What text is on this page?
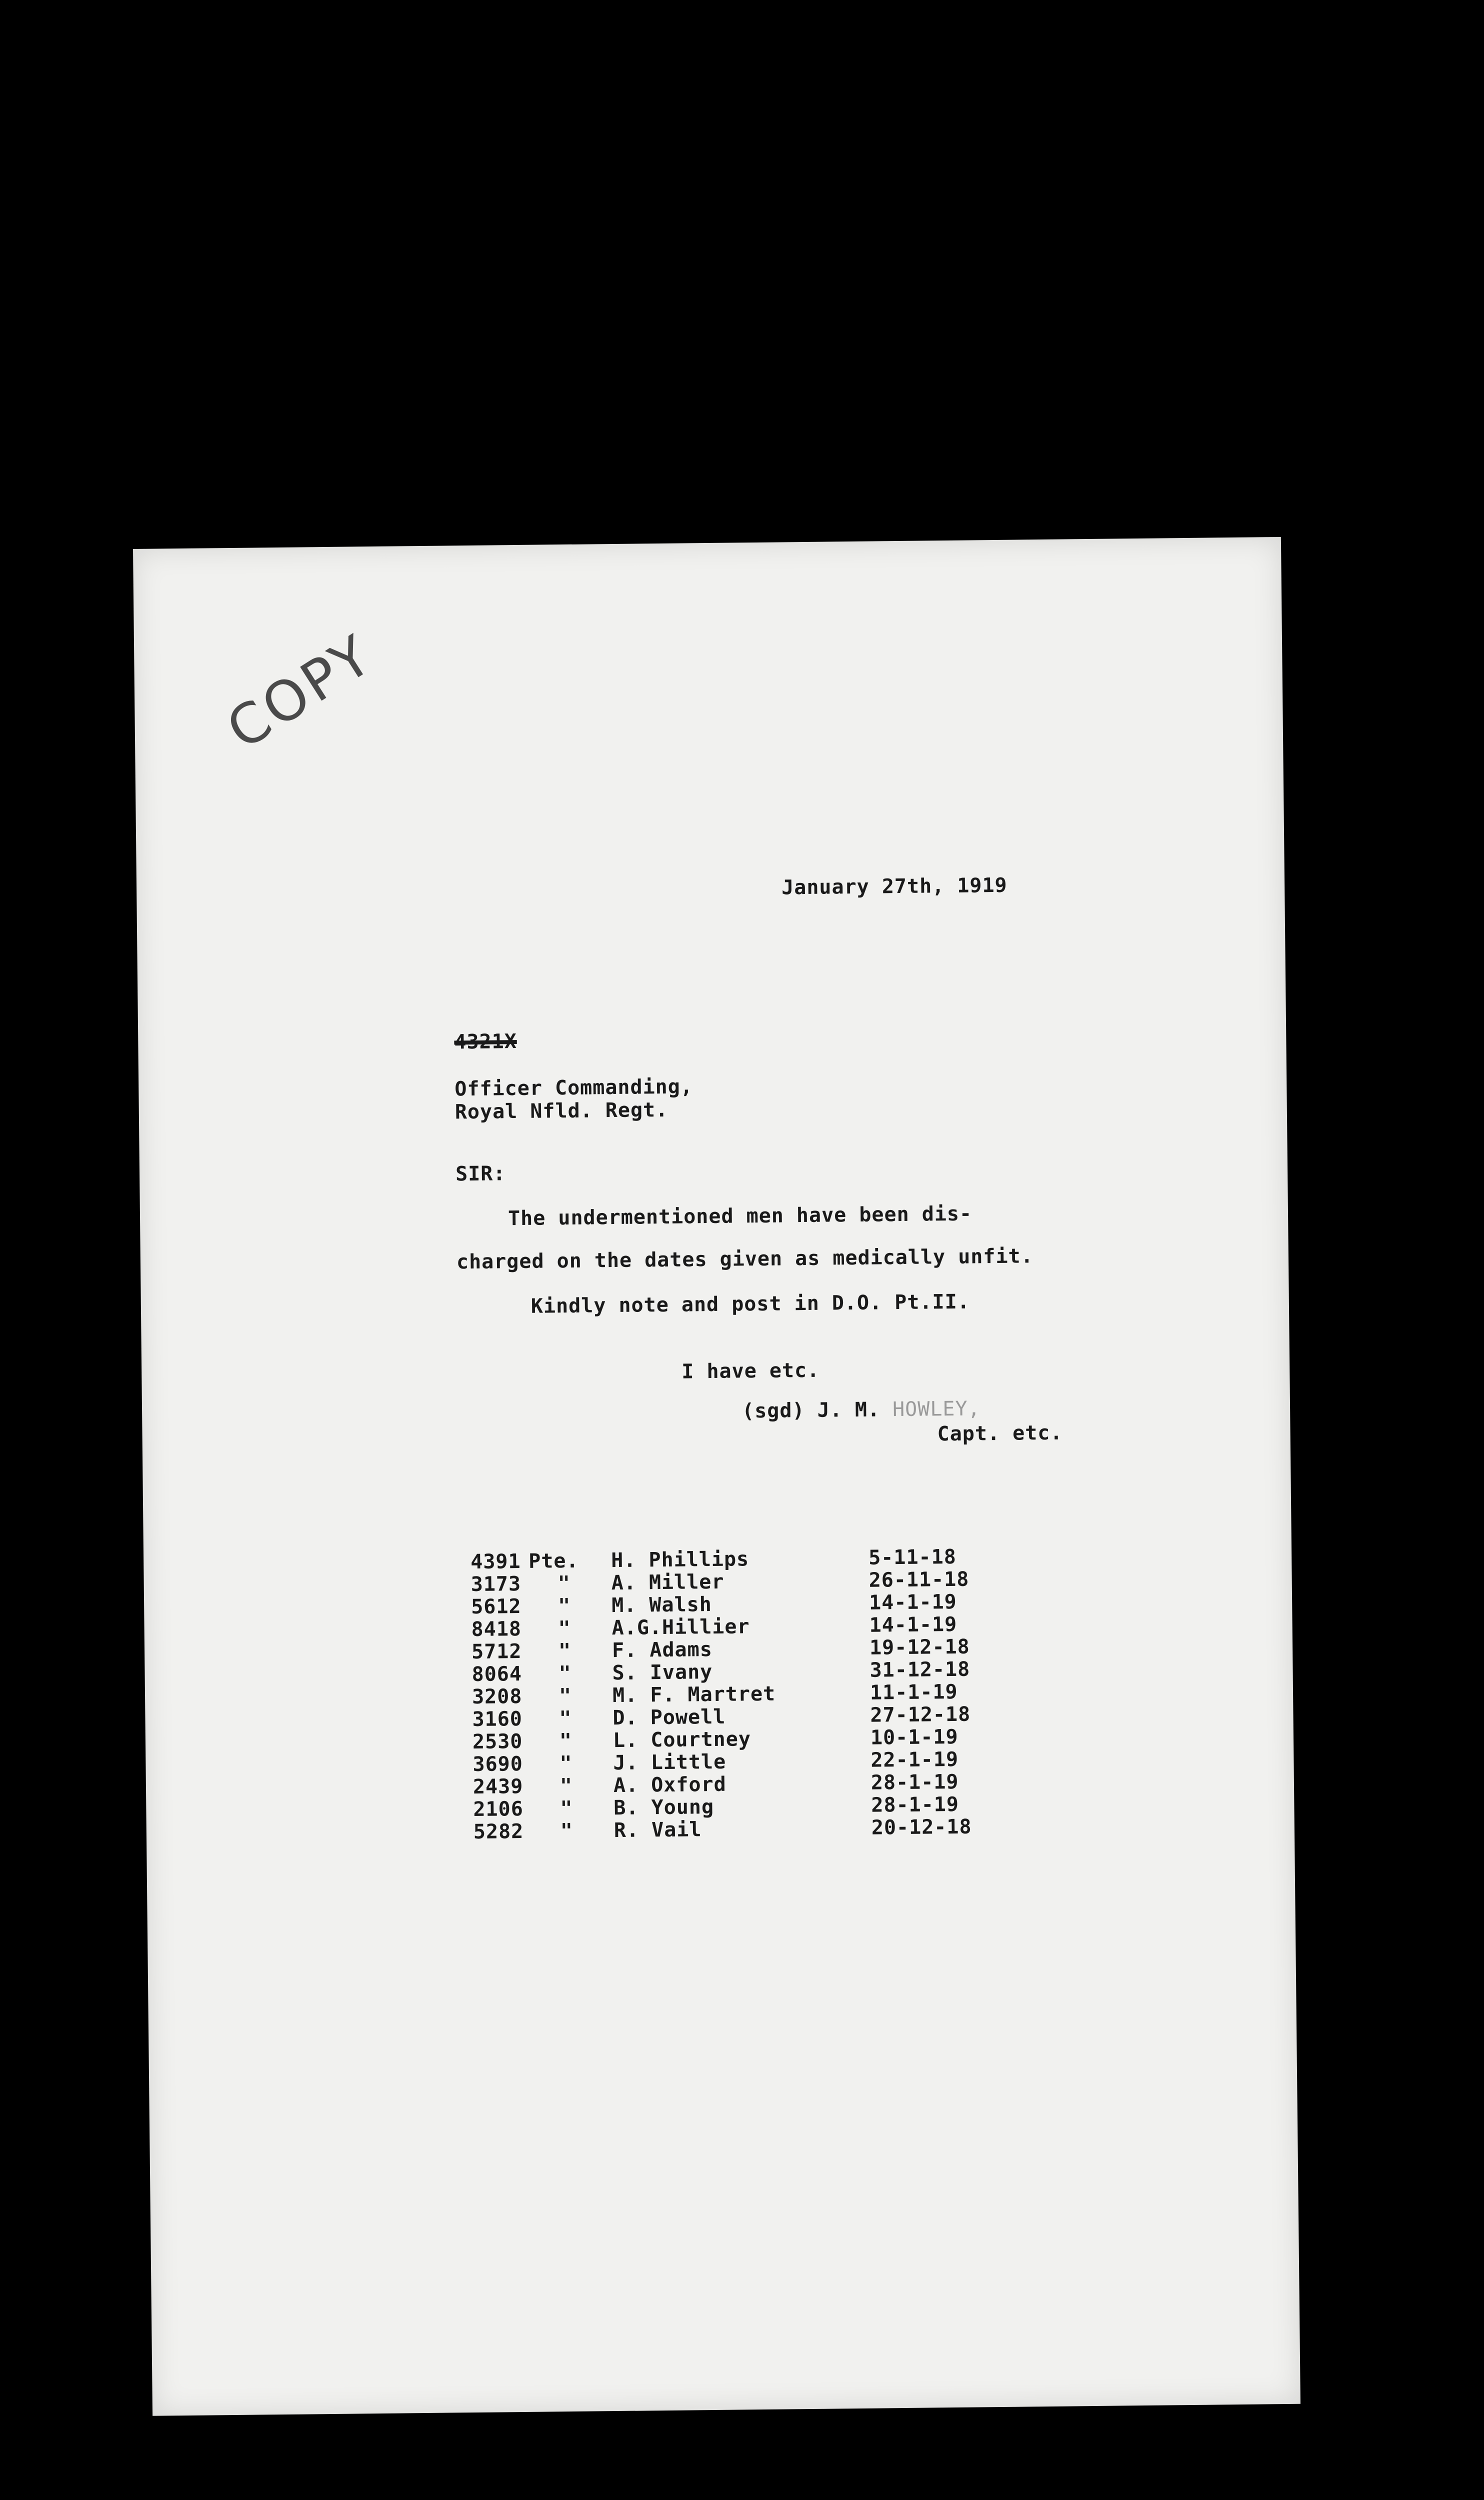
COPY
January 27th, 1919
4321X
Officer Commanding,
Royal Nfld. Regt.
SIR:
The undermentioned men have been dis-
charged on the dates given as medically unfit.
Kindly note and post in D.O. Pt.II.
I have etc.
(sgd) J. M. HOWLEY,
Capt. etc.
4391 Pte. H. Phillips	5-11-18
3173 " A. Miller	26-11-18
5612 " M. Walsh	14-1-19
8418 " A.G.Hillier	14-1-19
5712 " F. Adams	19-12-18
8064 " S. Ivany	31-12-18
3208 " M. F. Martret	11-1-19
3160 " D. Powell	27-12-18
2530 " L. Courtney	10-1-19
3690 " J. Little	22-1-19
2439 " A. Oxford	28-1-19
2106 " B. Young	28-1-19
5282 " R. Vail	20-12-18
